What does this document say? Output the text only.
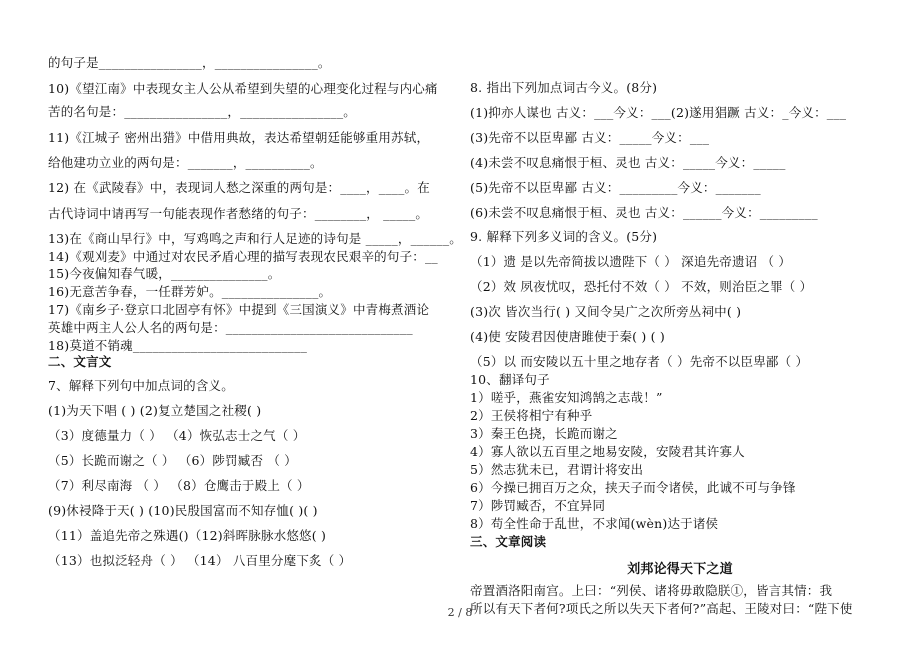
的句子是________________，________________。
10)《望江南》中表现女主人公从希望到失望的心理变化过程与内心痛
苦的名句是：________________，________________。
11)《江城子 密州出猎》中借用典故，表达希望朝廷能够重用苏轼，
给他建功立业的两句是：_______，__________。
12) 在《武陵春》中，表现词人愁之深重的两句是：____，____。在
古代诗词中请再写一句能表现作者愁绪的句子：________， _____。
13)在《商山早行》中，写鸡鸣之声和行人足迹的诗句是 _____，______。
14)《观刈麦》中通过对农民矛盾心理的描写表现农民艰辛的句子：__
15)今夜偏知春气暖，_______________。
16)无意苦争春，一任群芳妒。_______________。
17)《南乡子·登京口北固亭有怀》中提到《三国演义》中青梅煮酒论
英雄中两主人公人名的两句是：_____________________________
18)莫道不销魂___________________________
二、文言文
7、解释下列句中加点词的含义。
(1)为天下唱 ( ) (2)复立楚国之社稷( )
（3）度德量力（ ） （4）恢弘志士之气（ ）
（5）长跪而谢之（ ） （6）陟罚臧否 （ ）
（7）利尽南海 （ ） （8）仓鹰击于殿上（ ）
(9)休祲降于天( ) (10)民殷国富而不知存恤( )( )
（11）盖追先帝之殊遇()（12)斜晖脉脉水悠悠( )
（13）也拟泛轻舟（ ） （14） 八百里分麾下炙（ ）
8. 指出下列加点词古今义。(8分)
(1)抑亦人谋也 古义：___今义：___(2)遂用猖蹶 古义：_今义：___
(3)先帝不以臣卑鄙 古义：_____今义：___
(4)未尝不叹息痛恨于桓、灵也 古义：_____今义：_____
(5)先帝不以臣卑鄙 古义：_________今义：_______
(6)未尝不叹息痛恨于桓、灵也 古义：______今义：_________
9. 解释下列多义词的含义。(5分)
（1）遗 是以先帝简拔以遗陛下（ ） 深追先帝遗诏 （ ）
（2）效 夙夜忧叹，恐托付不效（ ） 不效，则治臣之罪（ ）
(3)次 皆次当行( ) 又间令吴广之次所旁丛祠中( )
(4)使 安陵君因使唐雎使于秦( ) ( )
（5）以 而安陵以五十里之地存者（ ）先帝不以臣卑鄙（ ）
10、翻译句子
1）嗟乎，燕雀安知鸿鹄之志哉！”
2）王侯将相宁有种乎
3）秦王色挠，长跪而谢之
4）寡人欲以五百里之地易安陵，安陵君其许寡人
5）然志犹未已，君谓计将安出
6）今操已拥百万之众，挟天子而令诸侯，此诚不可与争锋
7）陟罚臧否，不宜异同
8）苟全性命于乱世，不求闻(wèn)达于诸侯
三、文章阅读
刘邦论得天下之道
帝置酒洛阳南宫。上曰：“列侯、诸将毋敢隐朕①，皆言其情：我
所以有天下者何?项氏之所以失天下者何?”高起、王陵对曰：“陛下使
2 / 8
